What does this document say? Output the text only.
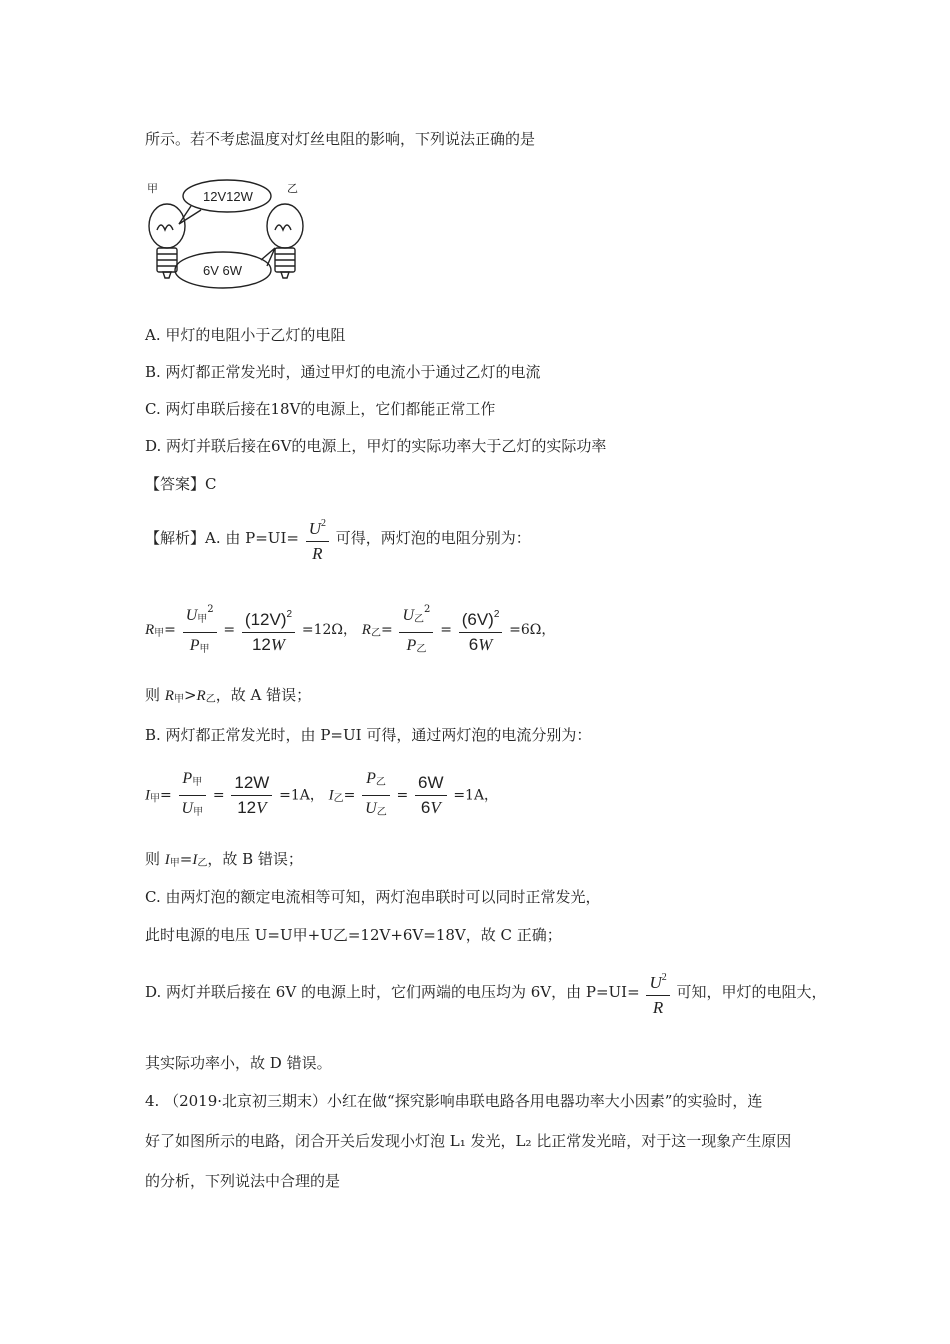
所示。若不考虑温度对灯丝电阻的影响，下列说法正确的是
甲	乙
12V12W
6V 6W
A. 甲灯的电阻小于乙灯的电阻
B. 两灯都正常发光时，通过甲灯的电流小于通过乙灯的电流
C. 两灯串联后接在18V的电源上，它们都能正常工作
D. 两灯并联后接在6V的电源上，甲灯的实际功率大于乙灯的实际功率
【答案】C
【解析】A. 由 $P=UI= \frac{U^2}{R}$ 可得，两灯泡的电阻分别为：
$R_甲= \frac{U_甲^2}{P_甲} = \frac{(12V)^2}{12W} =12\Omega$， $R_乙= \frac{U_乙^2}{P_乙} = \frac{(6V)^2}{6W} =6\Omega$，
则 $R_甲>R_乙$，故 A 错误；
B. 两灯都正常发光时，由 P=UI 可得，通过两灯泡的电流分别为：
$I_甲= \frac{P_甲}{U_甲} = \frac{12W}{12V} =1A$， $I_乙= \frac{P_乙}{U_乙} = \frac{6W}{6V} =1A$，
则 $I_甲=I_乙$，故 B 错误；
C. 由两灯泡的额定电流相等可知，两灯泡串联时可以同时正常发光，
此时电源的电压 U=U甲+U乙=12V+6V=18V，故 C 正确；
D. 两灯并联后接在 6V 的电源上时，它们两端的电压均为 6V，由 $P=UI= \frac{U^2}{R}$ 可知，甲灯的电阻大，
其实际功率小，故 D 错误。
4. （2019·北京初三期末）小红在做“探究影响串联电路各用电器功率大小因素”的实验时，连
好了如图所示的电路，闭合开关后发现小灯泡 L₁ 发光，L₂ 比正常发光暗，对于这一现象产生原因
的分析，下列说法中合理的是
